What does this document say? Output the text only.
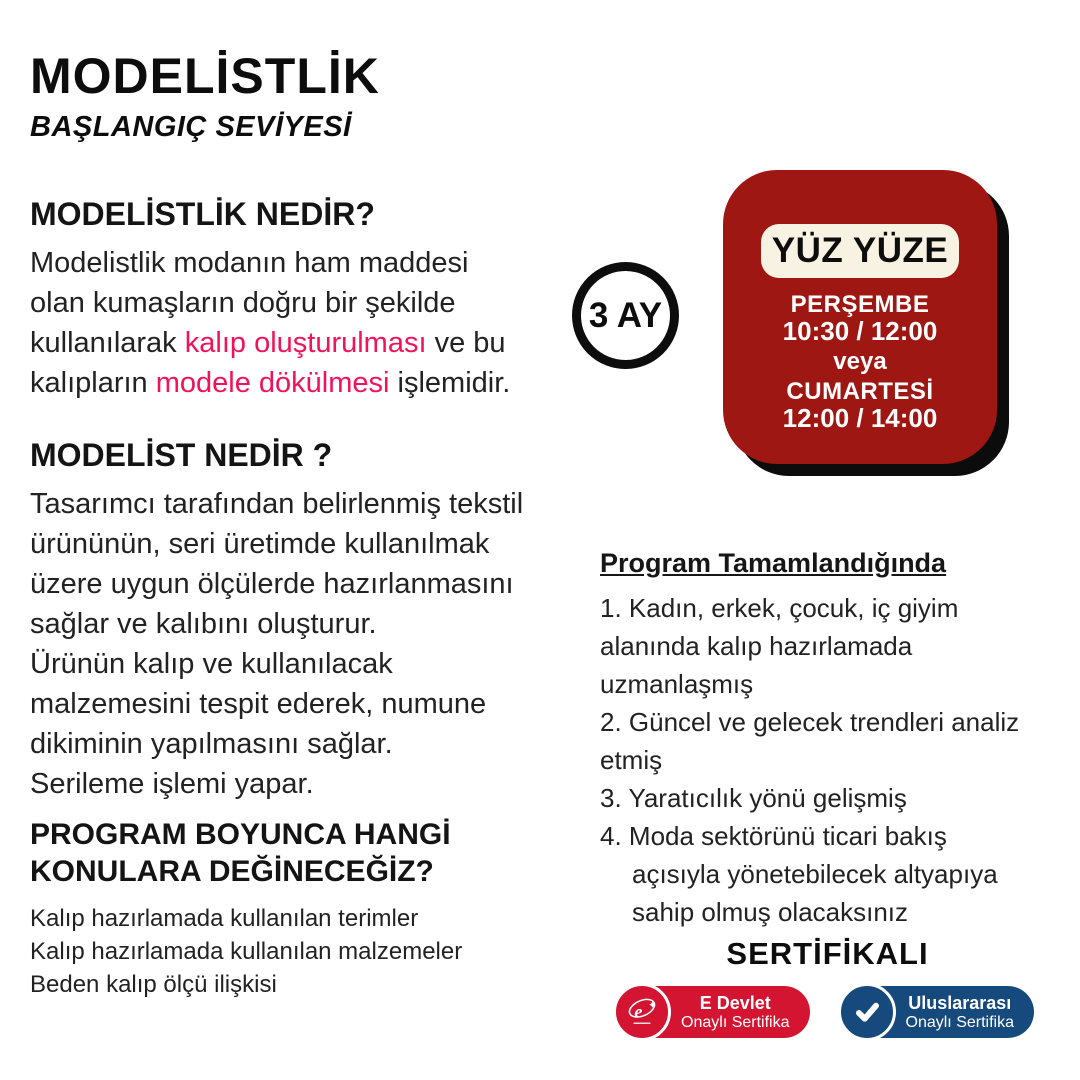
MODELİSTLİK
BAŞLANGIÇ SEVİYESİ
MODELİSTLİK NEDİR?

Modelistlik modanın ham maddesi
olan kumaşların doğru bir şekilde
kullanılarak kalıp oluşturulması ve bu
kalıpların modele dökülmesi işlemidir.

MODELİST NEDİR ?

Tasarımcı tarafından belirlenmiş tekstil
ürününün, seri üretimde kullanılmak
üzere uygun ölçülerde hazırlanmasını
sağlar ve kalıbını oluşturur.
Ürünün kalıp ve kullanılacak
malzemesini tespit ederek, numune
dikiminin yapılmasını sağlar.
Serileme işlemi yapar.

PROGRAM BOYUNCA HANGİ
KONULARA DEĞİNECEĞİZ?

Kalıp hazırlamada kullanılan terimler
Kalıp hazırlamada kullanılan malzemeler
Beden kalıp ölçü ilişkisi

3 AY
YÜZ YÜZE
PERŞEMBE
10:30 / 12:00
veya
CUMARTESİ
12:00 / 14:00
Program Tamamlandığında
1. Kadın, erkek, çocuk, iç giyim
alanında kalıp hazırlamada
uzmanlaşmış
2. Güncel ve gelecek trendleri analiz
etmiş
3. Yaratıcılık yönü gelişmiş
4. Moda sektörünü ticari bakış
açısıyla yönetebilecek altyapıya
sahip olmuş olacaksınız
SERTİFİKALI
e	E Devlet
Onaylı Sertifika
Uluslararası
Onaylı Sertifika
